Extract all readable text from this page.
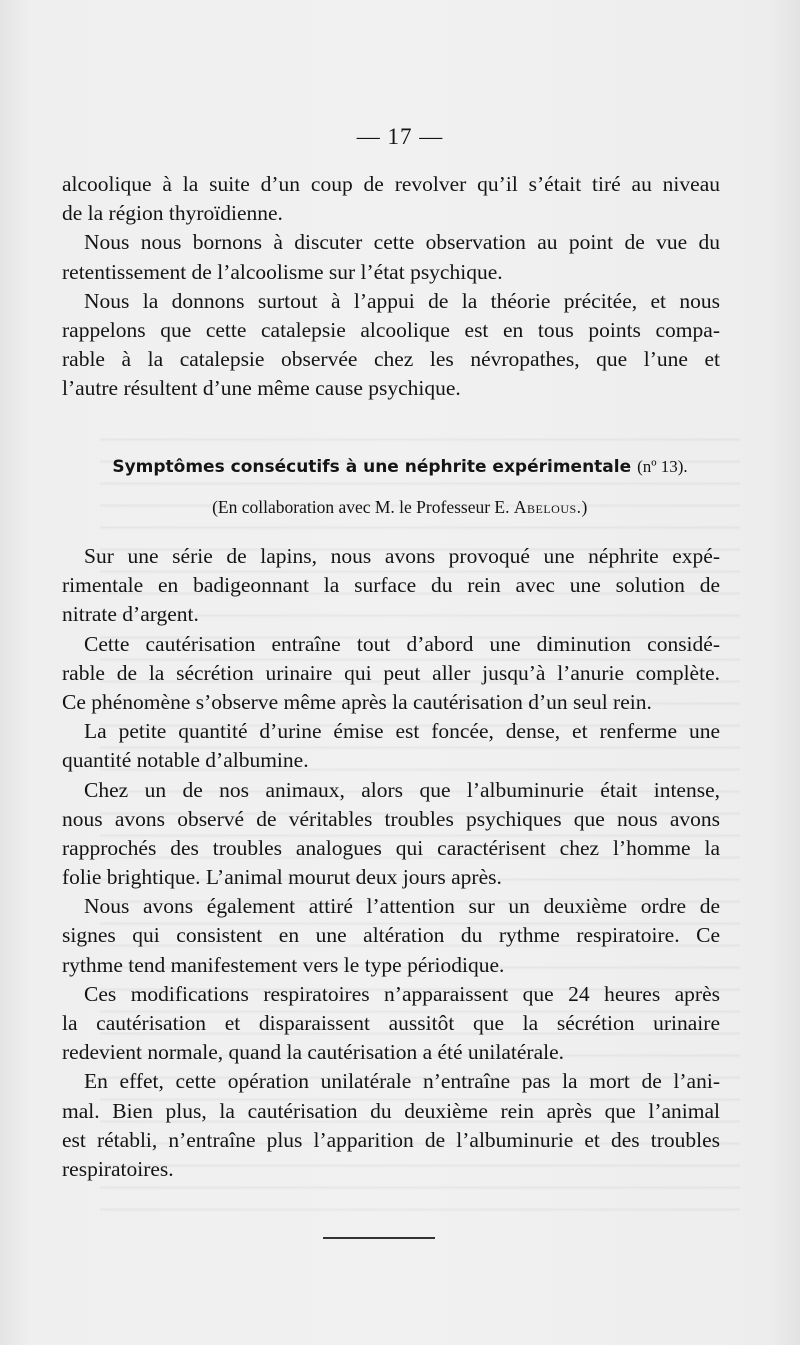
— 17 —
alcoolique à la suite d’un coup de revolver qu’il s’était tiré au niveau
de la région thyroïdienne.
Nous nous bornons à discuter cette observation au point de vue du
retentissement de l’alcoolisme sur l’état psychique.
Nous la donnons surtout à l’appui de la théorie précitée, et nous
rappelons que cette catalepsie alcoolique est en tous points compa-
rable à la catalepsie observée chez les névropathes, que l’une et
l’autre résultent d’une même cause psychique.
Symptômes consécutifs à une néphrite expérimentale (nº 13).
(En collaboration avec M. le Professeur E. Abelous.)
Sur une série de lapins, nous avons provoqué une néphrite expé-
rimentale en badigeonnant la surface du rein avec une solution de
nitrate d’argent.
Cette cautérisation entraîne tout d’abord une diminution considé-
rable de la sécrétion urinaire qui peut aller jusqu’à l’anurie complète.
Ce phénomène s’observe même après la cautérisation d’un seul rein.
La petite quantité d’urine émise est foncée, dense, et renferme une
quantité notable d’albumine.
Chez un de nos animaux, alors que l’albuminurie était intense,
nous avons observé de véritables troubles psychiques que nous avons
rapprochés des troubles analogues qui caractérisent chez l’homme la
folie brightique. L’animal mourut deux jours après.
Nous avons également attiré l’attention sur un deuxième ordre de
signes qui consistent en une altération du rythme respiratoire. Ce
rythme tend manifestement vers le type périodique.
Ces modifications respiratoires n’apparaissent que 24 heures après
la cautérisation et disparaissent aussitôt que la sécrétion urinaire
redevient normale, quand la cautérisation a été unilatérale.
En effet, cette opération unilatérale n’entraîne pas la mort de l’ani-
mal. Bien plus, la cautérisation du deuxième rein après que l’animal
est rétabli, n’entraîne plus l’apparition de l’albuminurie et des troubles
respiratoires.
